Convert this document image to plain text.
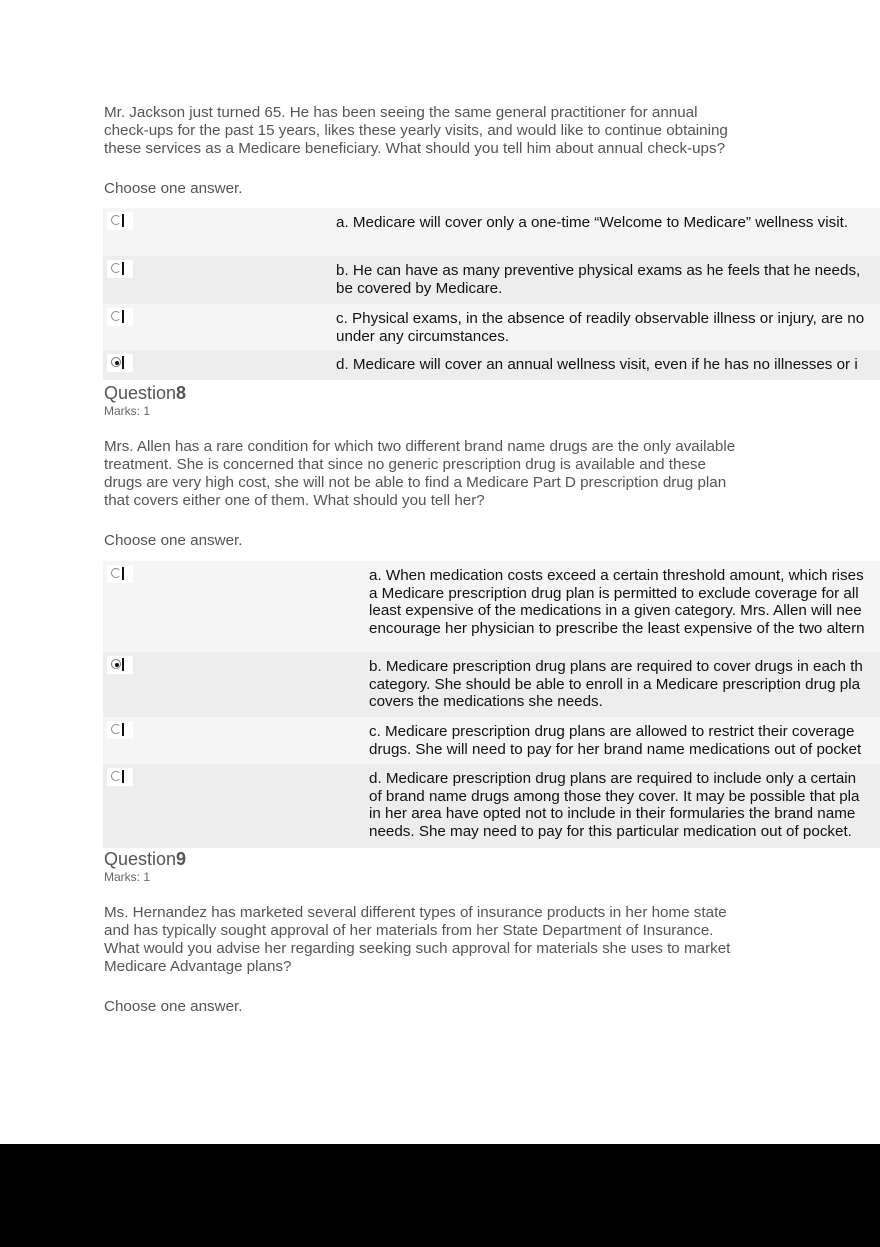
Mr. Jackson just turned 65. He has been seeing the same general practitioner for annual
check-ups for the past 15 years, likes these yearly visits, and would like to continue obtaining
these services as a Medicare beneficiary. What should you tell him about annual check-ups?
Choose one answer.
a. Medicare will cover only a one-time “Welcome to Medicare” wellness visit.
b. He can have as many preventive physical exams as he feels that he needs,
be covered by Medicare.
c. Physical exams, in the absence of readily observable illness or injury, are no
under any circumstances.
d. Medicare will cover an annual wellness visit, even if he has no illnesses or i
Question8
Marks: 1
Mrs. Allen has a rare condition for which two different brand name drugs are the only available
treatment. She is concerned that since no generic prescription drug is available and these
drugs are very high cost, she will not be able to find a Medicare Part D prescription drug plan
that covers either one of them. What should you tell her?
Choose one answer.
a. When medication costs exceed a certain threshold amount, which rises
a Medicare prescription drug plan is permitted to exclude coverage for all
least expensive of the medications in a given category. Mrs. Allen will nee
encourage her physician to prescribe the least expensive of the two altern
b. Medicare prescription drug plans are required to cover drugs in each th
category. She should be able to enroll in a Medicare prescription drug pla
covers the medications she needs.
c. Medicare prescription drug plans are allowed to restrict their coverage
drugs. She will need to pay for her brand name medications out of pocket
d. Medicare prescription drug plans are required to include only a certain
of brand name drugs among those they cover. It may be possible that pla
in her area have opted not to include in their formularies the brand name
needs. She may need to pay for this particular medication out of pocket.
Question9
Marks: 1
Ms. Hernandez has marketed several different types of insurance products in her home state
and has typically sought approval of her materials from her State Department of Insurance.
What would you advise her regarding seeking such approval for materials she uses to market
Medicare Advantage plans?
Choose one answer.
